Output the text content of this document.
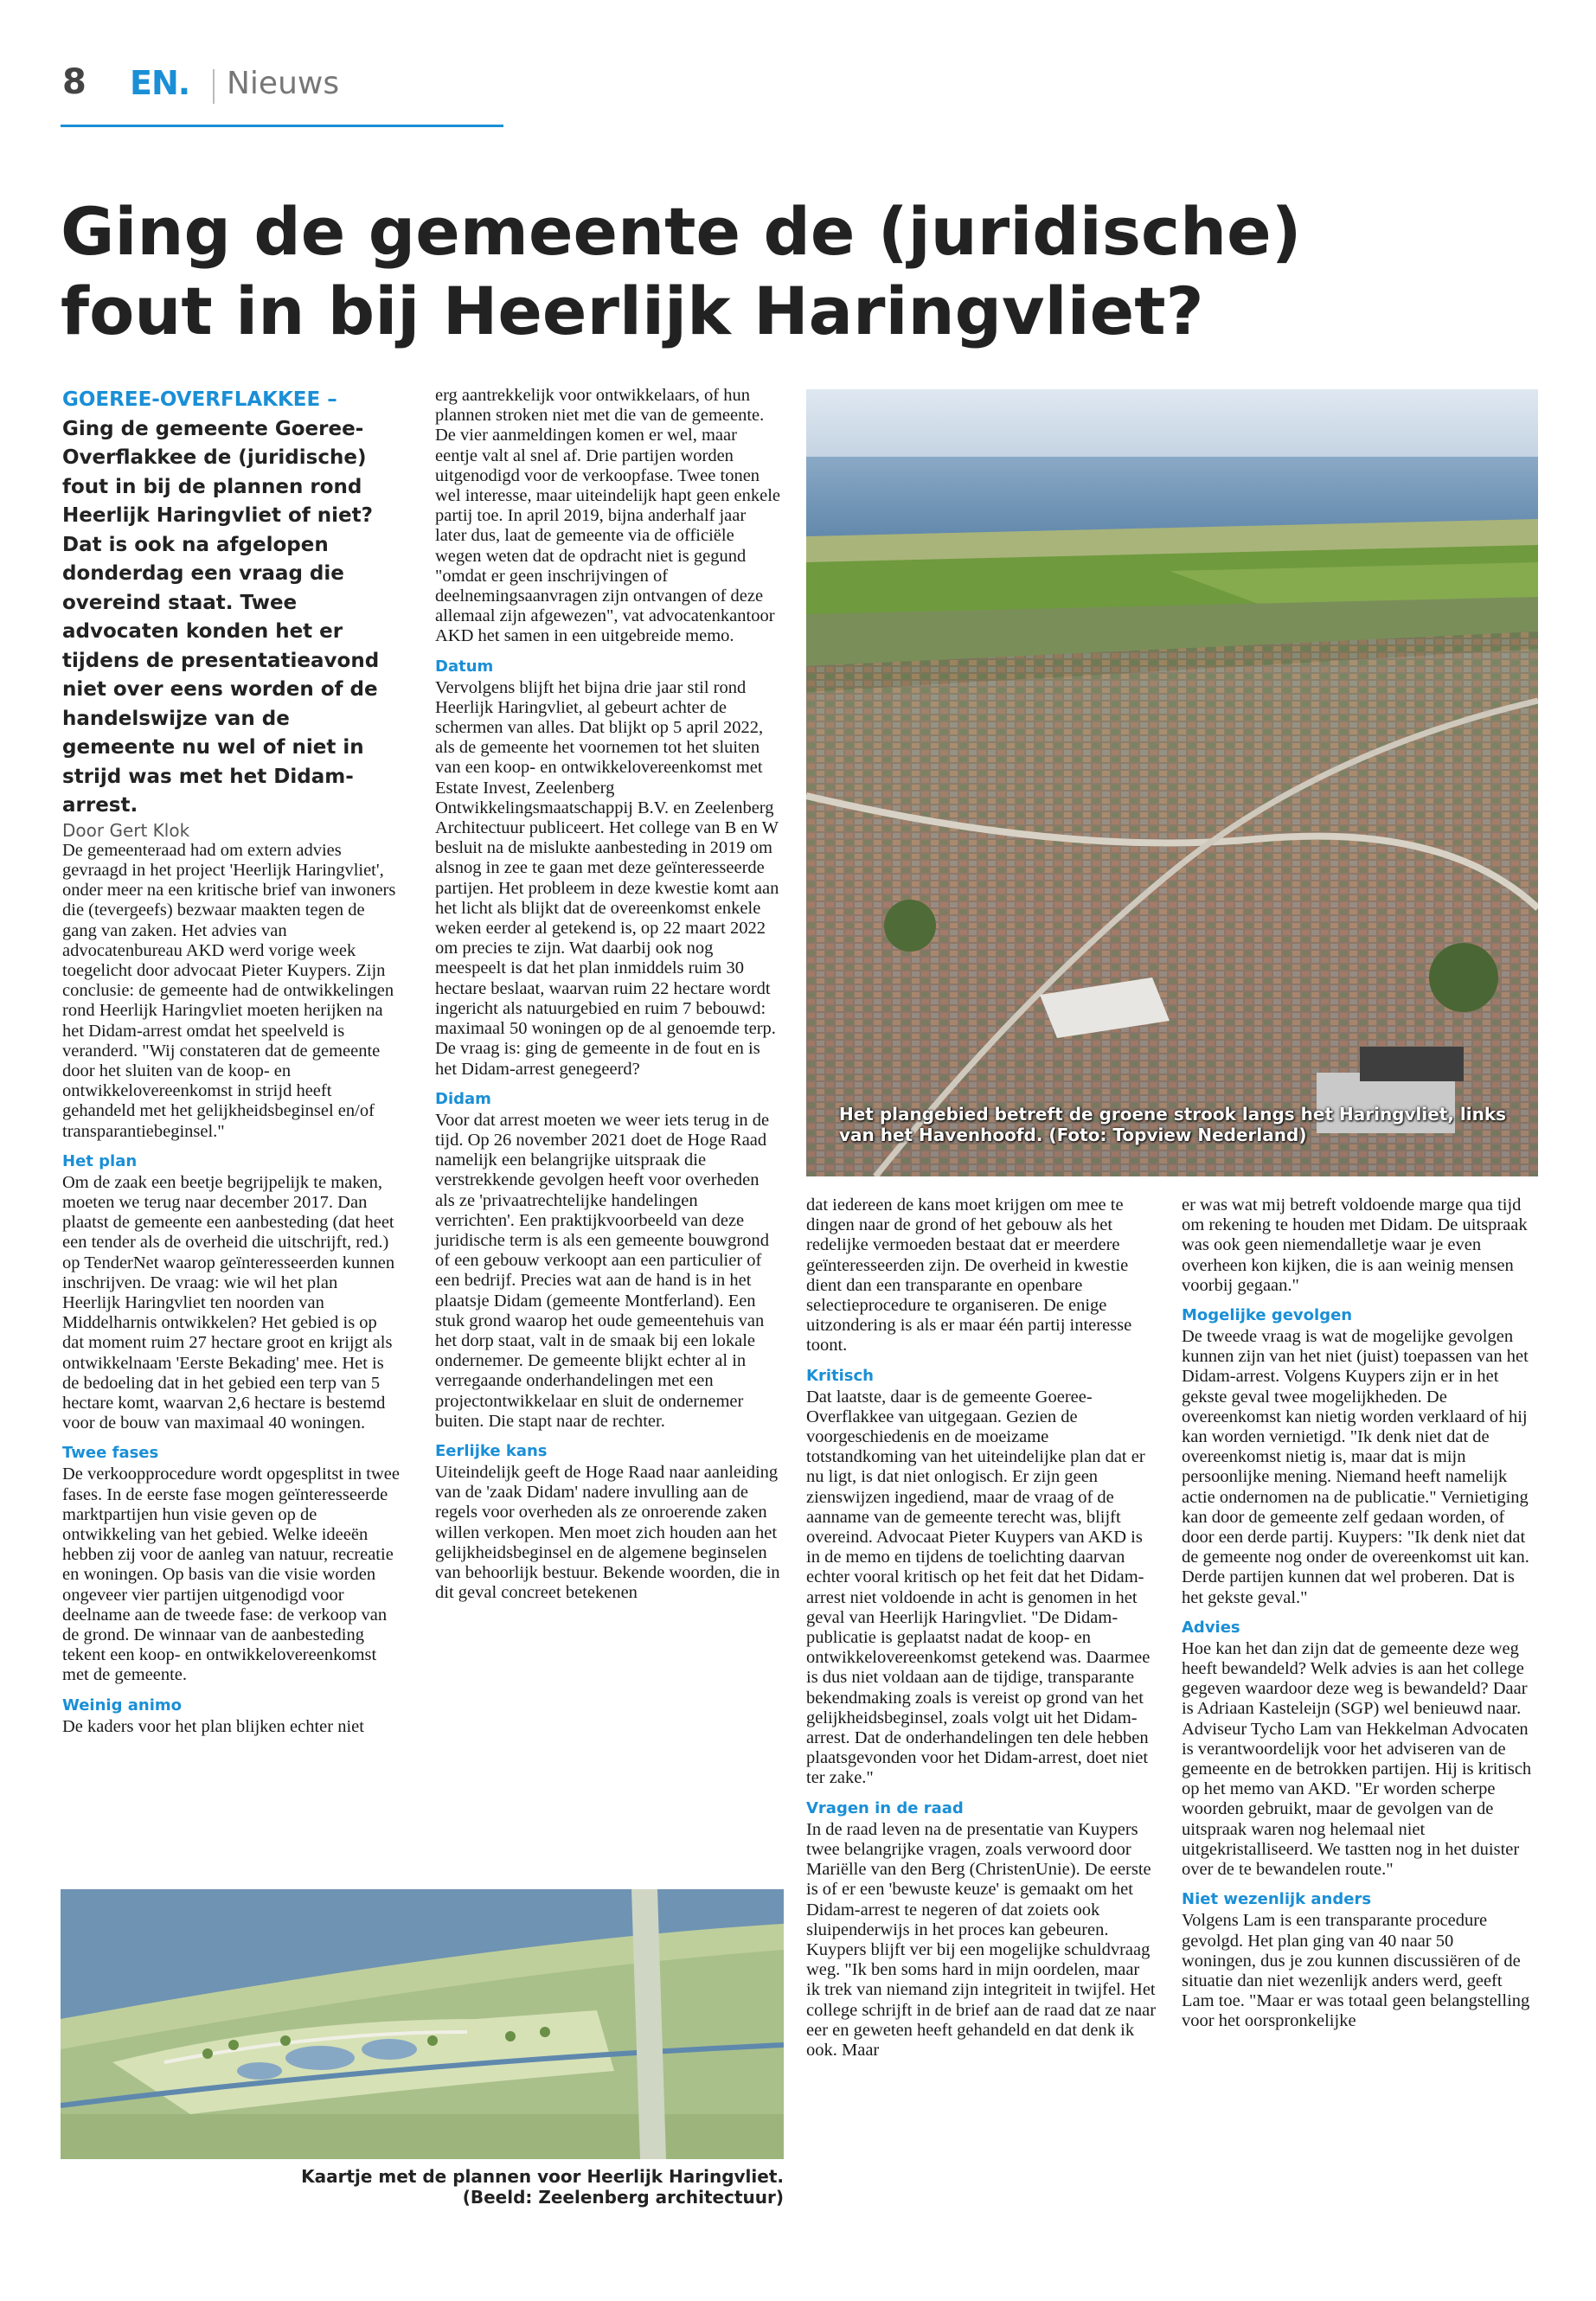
8 EN. Nieuws
Ging de gemeente de (juridische)
fout in bij Heerlijk Haringvliet?

GOEREE-OVERFLAKKEE –
Ging de gemeente Goeree-Overflakkee de (juridische) fout in bij de plannen rond Heerlijk Haringvliet of niet? Dat is ook na afgelopen donderdag een vraag die overeind staat. Twee advocaten konden het er tijdens de presentatieavond niet over eens worden of de handelswijze van de gemeente nu wel of niet in strijd was met het Didam-arrest.

Door Gert Klok

De gemeenteraad had om extern advies gevraagd in het project 'Heerlijk Haringvliet', onder meer na een kritische brief van inwoners die (tevergeefs) bezwaar maakten tegen de gang van zaken. Het advies van advocatenbureau AKD werd vorige week toegelicht door advocaat Pieter Kuypers. Zijn conclusie: de gemeente had de ontwikkelingen rond Heerlijk Haringvliet moeten herijken na het Didam-arrest omdat het speelveld is veranderd. "Wij constateren dat de gemeente door het sluiten van de koop- en ontwikkelovereenkomst in strijd heeft gehandeld met het gelijkheidsbeginsel en/of transparantiebeginsel."

Het plan

Om de zaak een beetje begrijpelijk te maken, moeten we terug naar december 2017. Dan plaatst de gemeente een aanbesteding (dat heet een tender als de overheid die uitschrijft, red.) op TenderNet waarop geïnteresseerden kunnen inschrijven. De vraag: wie wil het plan Heerlijk Haringvliet ten noorden van Middelharnis ontwikkelen? Het gebied is op dat moment ruim 27 hectare groot en krijgt als ontwikkelnaam 'Eerste Bekading' mee. Het is de bedoeling dat in het gebied een terp van 5 hectare komt, waarvan 2,6 hectare is bestemd voor de bouw van maximaal 40 woningen.

Twee fases

De verkoopprocedure wordt opgesplitst in twee fases. In de eerste fase mogen geïnteresseerde marktpartijen hun visie geven op de ontwikkeling van het gebied. Welke ideeën hebben zij voor de aanleg van natuur, recreatie en woningen. Op basis van die visie worden ongeveer vier partijen uitgenodigd voor deelname aan de tweede fase: de verkoop van de grond. De winnaar van de aanbesteding tekent een koop- en ontwikkelovereenkomst met de gemeente.

Weinig animo

De kaders voor het plan blijken echter niet

erg aantrekkelijk voor ontwikkelaars, of hun plannen stroken niet met die van de gemeente. De vier aanmeldingen komen er wel, maar eentje valt al snel af. Drie partijen worden uitgenodigd voor de verkoopfase. Twee tonen wel interesse, maar uiteindelijk hapt geen enkele partij toe. In april 2019, bijna anderhalf jaar later dus, laat de gemeente via de officiële wegen weten dat de opdracht niet is gegund "omdat er geen inschrijvingen of deelnemingsaanvragen zijn ontvangen of deze allemaal zijn afgewezen", vat advocatenkantoor AKD het samen in een uitgebreide memo.

Datum

Vervolgens blijft het bijna drie jaar stil rond Heerlijk Haringvliet, al gebeurt achter de schermen van alles. Dat blijkt op 5 april 2022, als de gemeente het voornemen tot het sluiten van een koop- en ontwikkelovereenkomst met Estate Invest, Zeelenberg Ontwikkelingsmaatschappij B.V. en Zeelenberg Architectuur publiceert. Het college van B en W besluit na de mislukte aanbesteding in 2019 om alsnog in zee te gaan met deze geïnteresseerde partijen. Het probleem in deze kwestie komt aan het licht als blijkt dat de overeenkomst enkele weken eerder al getekend is, op 22 maart 2022 om precies te zijn. Wat daarbij ook nog meespeelt is dat het plan inmiddels ruim 30 hectare beslaat, waarvan ruim 22 hectare wordt ingericht als natuurgebied en ruim 7 bebouwd: maximaal 50 woningen op de al genoemde terp. De vraag is: ging de gemeente in de fout en is het Didam-arrest genegeerd?

Didam

Voor dat arrest moeten we weer iets terug in de tijd. Op 26 november 2021 doet de Hoge Raad namelijk een belangrijke uitspraak die verstrekkende gevolgen heeft voor overheden als ze 'privaatrechtelijke handelingen verrichten'. Een praktijkvoorbeeld van deze juridische term is als een gemeente bouwgrond of een gebouw verkoopt aan een particulier of een bedrijf. Precies wat aan de hand is in het plaatsje Didam (gemeente Montferland). Een stuk grond waarop het oude gemeentehuis van het dorp staat, valt in de smaak bij een lokale ondernemer. De gemeente blijkt echter al in verregaande onderhandelingen met een projectontwikkelaar en sluit de ondernemer buiten. Die stapt naar de rechter.

Eerlijke kans

Uiteindelijk geeft de Hoge Raad naar aanleiding van de 'zaak Didam' nadere invulling aan de regels voor overheden als ze onroerende zaken willen verkopen. Men moet zich houden aan het gelijkheidsbeginsel en de algemene beginselen van behoorlijk bestuur. Bekende woorden, die in dit geval concreet betekenen

Het plangebied betreft de groene strook langs het Haringvliet, links van het Havenhoofd. (Foto: Topview Nederland)

dat iedereen de kans moet krijgen om mee te dingen naar de grond of het gebouw als het redelijke vermoeden bestaat dat er meerdere geïnteresseerden zijn. De overheid in kwestie dient dan een transparante en openbare selectieprocedure te organiseren. De enige uitzondering is als er maar één partij interesse toont.

Kritisch

Dat laatste, daar is de gemeente Goeree-Overflakkee van uitgegaan. Gezien de voorgeschiedenis en de moeizame totstandkoming van het uiteindelijke plan dat er nu ligt, is dat niet onlogisch. Er zijn geen zienswijzen ingediend, maar de vraag of de aanname van de gemeente terecht was, blijft overeind. Advocaat Pieter Kuypers van AKD is in de memo en tijdens de toelichting daarvan echter vooral kritisch op het feit dat het Didam-arrest niet voldoende in acht is genomen in het geval van Heerlijk Haringvliet. "De Didam-publicatie is geplaatst nadat de koop- en ontwikkelovereenkomst getekend was. Daarmee is dus niet voldaan aan de tijdige, transparante bekendmaking zoals is vereist op grond van het gelijkheidsbeginsel, zoals volgt uit het Didam-arrest. Dat de onderhandelingen ten dele hebben plaatsgevonden voor het Didam-arrest, doet niet ter zake."

Vragen in de raad

In de raad leven na de presentatie van Kuypers twee belangrijke vragen, zoals verwoord door Mariëlle van den Berg (ChristenUnie). De eerste is of er een 'bewuste keuze' is gemaakt om het Didam-arrest te negeren of dat zoiets ook sluipenderwijs in het proces kan gebeuren. Kuypers blijft ver bij een mogelijke schuldvraag weg. "Ik ben soms hard in mijn oordelen, maar ik trek van niemand zijn integriteit in twijfel. Het college schrijft in de brief aan de raad dat ze naar eer en geweten heeft gehandeld en dat denk ik ook. Maar

er was wat mij betreft voldoende marge qua tijd om rekening te houden met Didam. De uitspraak was ook geen niemendalletje waar je even overheen kon kijken, die is aan weinig mensen voorbij gegaan."

Mogelijke gevolgen

De tweede vraag is wat de mogelijke gevolgen kunnen zijn van het niet (juist) toepassen van het Didam-arrest. Volgens Kuypers zijn er in het gekste geval twee mogelijkheden. De overeenkomst kan nietig worden verklaard of hij kan worden vernietigd. "Ik denk niet dat de overeenkomst nietig is, maar dat is mijn persoonlijke mening. Niemand heeft namelijk actie ondernomen na de publicatie." Vernietiging kan door de gemeente zelf gedaan worden, of door een derde partij. Kuypers: "Ik denk niet dat de gemeente nog onder de overeenkomst uit kan. Derde partijen kunnen dat wel proberen. Dat is het gekste geval."

Advies

Hoe kan het dan zijn dat de gemeente deze weg heeft bewandeld? Welk advies is aan het college gegeven waardoor deze weg is bewandeld? Daar is Adriaan Kasteleijn (SGP) wel benieuwd naar. Adviseur Tycho Lam van Hekkelman Advocaten is verantwoordelijk voor het adviseren van de gemeente en de betrokken partijen. Hij is kritisch op het memo van AKD. "Er worden scherpe woorden gebruikt, maar de gevolgen van de uitspraak waren nog helemaal niet uitgekristalliseerd. We tastten nog in het duister over de te bewandelen route."

Niet wezenlijk anders

Volgens Lam is een transparante procedure gevolgd. Het plan ging van 40 naar 50 woningen, dus je zou kunnen discussiëren of de situatie dan niet wezenlijk anders werd, geeft Lam toe. "Maar er was totaal geen belangstelling voor het oorspronkelijke

Kaartje met de plannen voor Heerlijk Haringvliet.
(Beeld: Zeelenberg architectuur)
